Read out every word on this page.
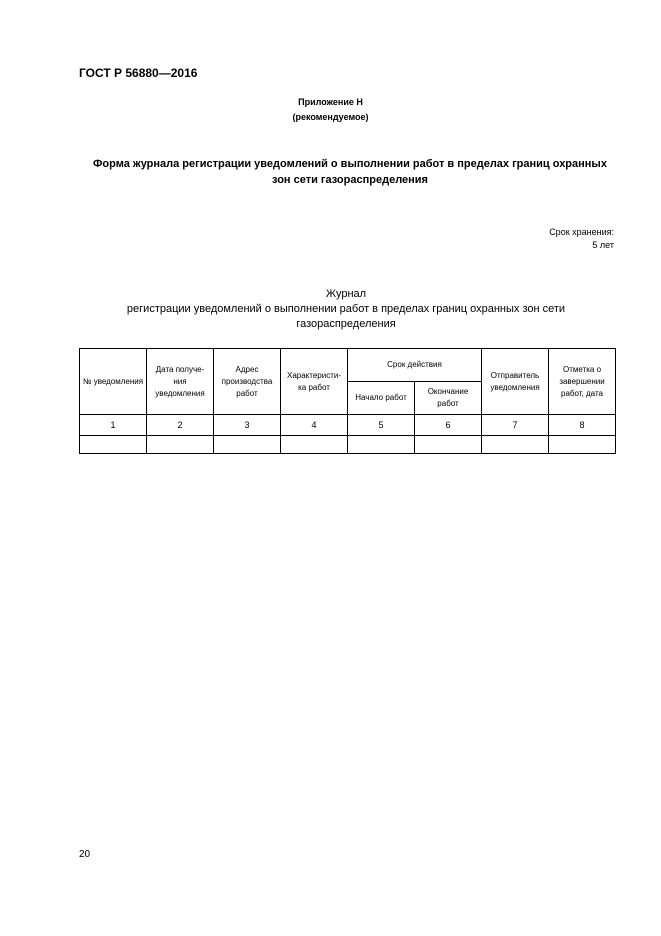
ГОСТ Р 56880—2016
Приложение Н
(рекомендуемое)
Форма журнала регистрации уведомлений о выполнении работ в пределах границ охранных
зон сети газораспределения
Срок хранения:
5 лет
Журнал
регистрации уведомлений о выполнении работ в пределах границ охранных зон сети
газораспределения
№ уведомления	Дата получе- ния уведомления	Адрес производства работ	Характеристи- ка работ	Срок действия		Отправитель уведомления	Отметка о завершении работ, дата
				Начало работ	Окончание работ		
1	2	3	4	5	6	7	8

20
